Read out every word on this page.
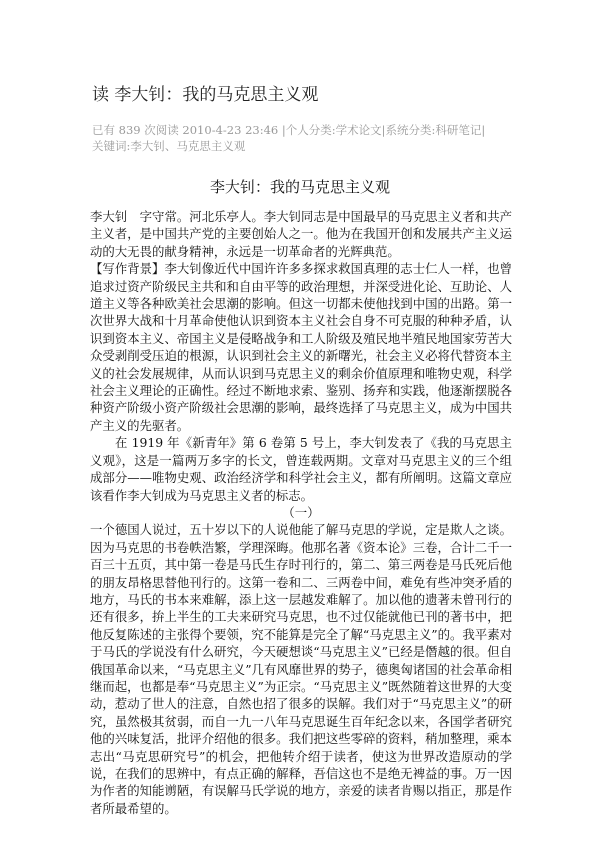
读 李大钊：我的马克思主义观
已有 839 次阅读 2010-4-23 23:46 |个人分类:学术论文|系统分类:科研笔记|
关键词:李大钊、马克思主义观
李大钊：我的马克思主义观

李大钊　字守常。河北乐亭人。李大钊同志是中国最早的马克思主义者和共产主义者，是中国共产党的主要创始人之一。他为在我国开创和发展共产主义运动的大无畏的献身精神，永远是一切革命者的光辉典范。

【写作背景】李大钊像近代中国许许多多探求救国真理的志士仁人一样，也曾追求过资产阶级民主共和和自由平等的政治理想，并深受进化论、互助论、人道主义等各种欧美社会思潮的影响。但这一切都未使他找到中国的出路。第一次世界大战和十月革命使他认识到资本主义社会自身不可克服的种种矛盾，认识到资本主义、帝国主义是侵略战争和工人阶级及殖民地半殖民地国家劳苦大众受剥削受压迫的根源，认识到社会主义的新曙光，社会主义必将代替资本主义的社会发展规律，从而认识到马克思主义的剩余价值原理和唯物史观，科学社会主义理论的正确性。经过不断地求索、鉴别、扬弃和实践，他逐渐摆脱各种资产阶级小资产阶级社会思潮的影响，最终选择了马克思主义，成为中国共产主义的先驱者。

在 1919 年《新青年》第 6 卷第 5 号上，李大钊发表了《我的马克思主义观》，这是一篇两万多字的长文，曾连载两期。文章对马克思主义的三个组成部分——唯物史观、政治经济学和科学社会主义，都有所阐明。这篇文章应该看作李大钊成为马克思主义者的标志。

（一）

一个德国人说过，五十岁以下的人说他能了解马克思的学说，定是欺人之谈。因为马克思的书卷帙浩繁，学理深晦。他那名著《资本论》三卷，合计二千一百三十五页，其中第一卷是马氏生存时刊行的，第二、第三两卷是马氏死后他的朋友昂格思替他刊行的。这第一卷和二、三两卷中间，难免有些冲突矛盾的地方，马氏的书本来难解，添上这一层越发难解了。加以他的遗著未曾刊行的还有很多，拚上半生的工夫来研究马克思，也不过仅能就他已刊的著书中，把他反复陈述的主张得个要领，究不能算是完全了解“马克思主义”的。我平素对于马氏的学说没有什么研究，今天硬想谈“马克思主义”已经是僭越的很。但自俄国革命以来，“马克思主义”几有风靡世界的势子，德奥匈诸国的社会革命相继而起，也都是奉“马克思主义”为正宗。“马克思主义”既然随着这世界的大变动，惹动了世人的注意，自然也招了很多的误解。我们对于“马克思主义”的研究，虽然极其贫弱，而自一九一八年马克思诞生百年纪念以来，各国学者研究他的兴味复活，批评介绍他的很多。我们把这些零碎的资料，稍加整理，乘本志出“马克思研究号”的机会，把他转介绍于读者，使这为世界改造原动的学说，在我们的思辨中，有点正确的解释，吾信这也不是绝无裨益的事。万一因为作者的知能谫陋，有误解马氏学说的地方，亲爱的读者肯赐以指正，那是作者所最希望的。
